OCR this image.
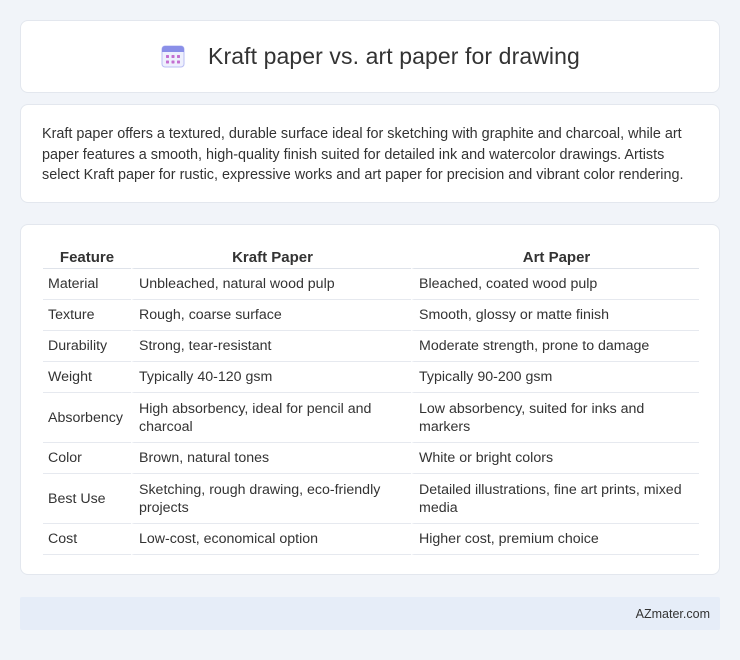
Kraft paper vs. art paper for drawing

Kraft paper offers a textured, durable surface ideal for sketching with graphite and charcoal, while art paper features a smooth, high-quality finish suited for detailed ink and watercolor drawings. Artists select Kraft paper for rustic, expressive works and art paper for precision and vibrant color rendering.

Feature	Kraft Paper	Art Paper
Material	Unbleached, natural wood pulp	Bleached, coated wood pulp
Texture	Rough, coarse surface	Smooth, glossy or matte finish
Durability	Strong, tear-resistant	Moderate strength, prone to damage
Weight	Typically 40-120 gsm	Typically 90-200 gsm
Absorbency	High absorbency, ideal for pencil and charcoal	Low absorbency, suited for inks and markers
Color	Brown, natural tones	White or bright colors
Best Use	Sketching, rough drawing, eco-friendly projects	Detailed illustrations, fine art prints, mixed media
Cost	Low-cost, economical option	Higher cost, premium choice
AZmater.com
